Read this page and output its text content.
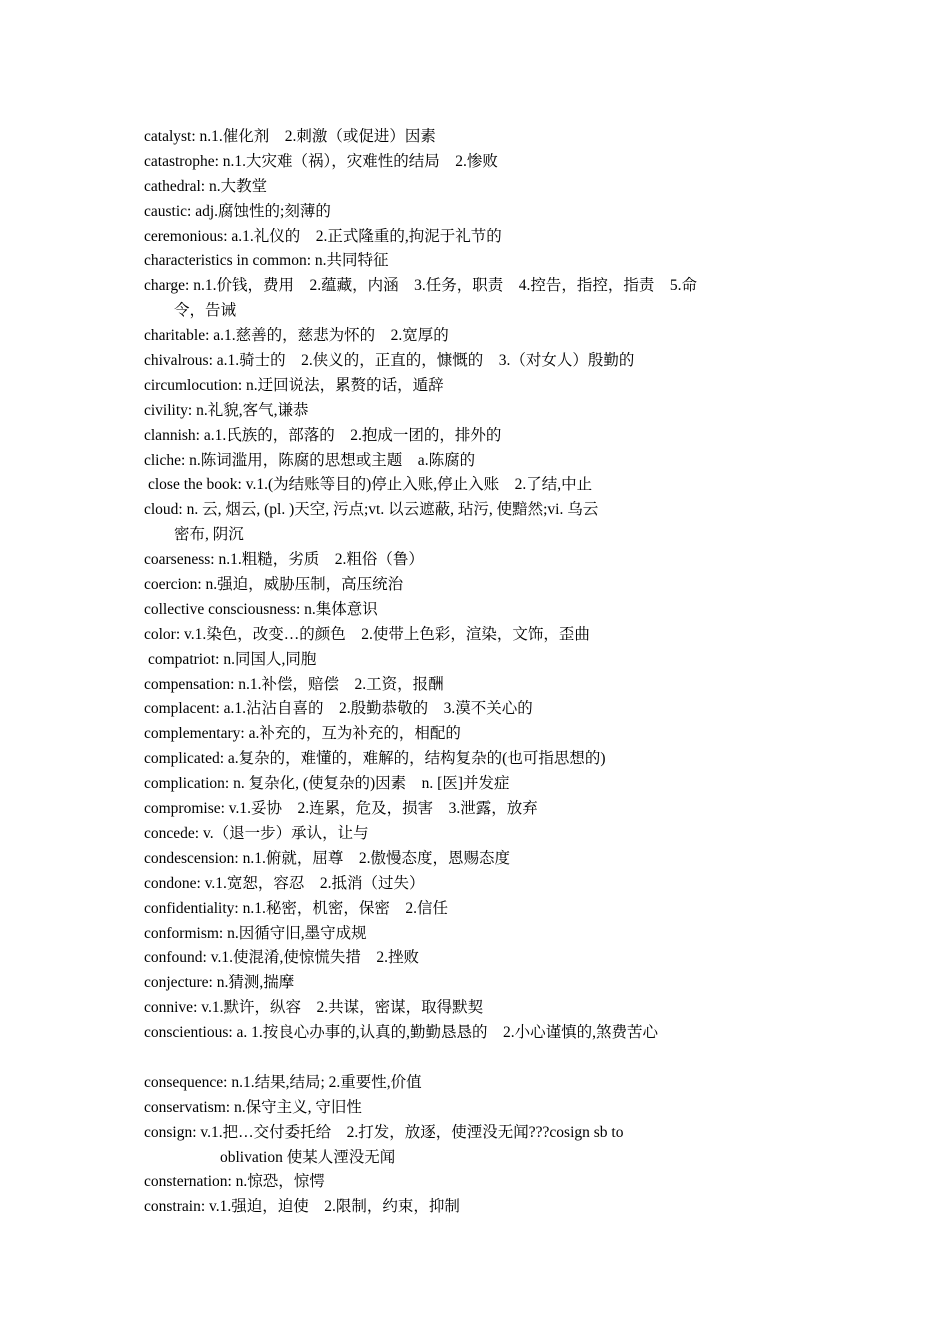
catalyst: n.1.催化剂　2.刺激（或促进）因素
catastrophe: n.1.大灾难（祸），灾难性的结局　2.惨败
cathedral: n.大教堂
caustic: adj.腐蚀性的;刻薄的
ceremonious: a.1.礼仪的　2.正式隆重的,拘泥于礼节的
characteristics in common: n.共同特征
charge: n.1.价钱，费用　2.蕴藏，内涵　3.任务，职责　4.控告，指控，指责　5.命
令，告诫
charitable: a.1.慈善的，慈悲为怀的　2.宽厚的
chivalrous: a.1.骑士的　2.侠义的，正直的，慷慨的　3.（对女人）殷勤的
circumlocution: n.迂回说法，累赘的话，遁辞
civility: n.礼貌,客气,谦恭
clannish: a.1.氏族的，部落的　2.抱成一团的，排外的
cliche: n.陈词滥用，陈腐的思想或主题　a.陈腐的
close the book: v.1.(为结账等目的)停止入账,停止入账　2.了结,中止
cloud: n. 云, 烟云, (pl. )天空, 污点;vt. 以云遮蔽, 玷污, 使黯然;vi. 乌云
密布, 阴沉
coarseness: n.1.粗糙，劣质　2.粗俗（鲁）
coercion: n.强迫，威胁压制，高压统治
collective consciousness: n.集体意识
color: v.1.染色，改变…的颜色　2.使带上色彩，渲染，文饰，歪曲
compatriot: n.同国人,同胞
compensation: n.1.补偿，赔偿　2.工资，报酬
complacent: a.1.沾沾自喜的　2.殷勤恭敬的　3.漠不关心的
complementary: a.补充的，互为补充的，相配的
complicated: a.复杂的，难懂的，难解的，结构复杂的(也可指思想的)
complication: n. 复杂化, (使复杂的)因素　n. [医]并发症
compromise: v.1.妥协　2.连累，危及，损害　3.泄露，放弃
concede: v.（退一步）承认，让与
condescension: n.1.俯就，屈尊　2.傲慢态度，恩赐态度
condone: v.1.宽恕，容忍　2.抵消（过失）
confidentiality: n.1.秘密，机密，保密　2.信任
conformism: n.因循守旧,墨守成规
confound: v.1.使混淆,使惊慌失措　2.挫败
conjecture: n.猜测,揣摩
connive: v.1.默许，纵容　2.共谋，密谋，取得默契
conscientious: a. 1.按良心办事的,认真的,勤勤恳恳的　2.小心谨慎的,煞费苦心
consequence: n.1.结果,结局; 2.重要性,价值
conservatism: n.保守主义, 守旧性
consign: v.1.把…交付委托给　2.打发，放逐，使湮没无闻???cosign sb to
oblivation 使某人湮没无闻
consternation: n.惊恐，惊愕
constrain: v.1.强迫，迫使　2.限制，约束，抑制
